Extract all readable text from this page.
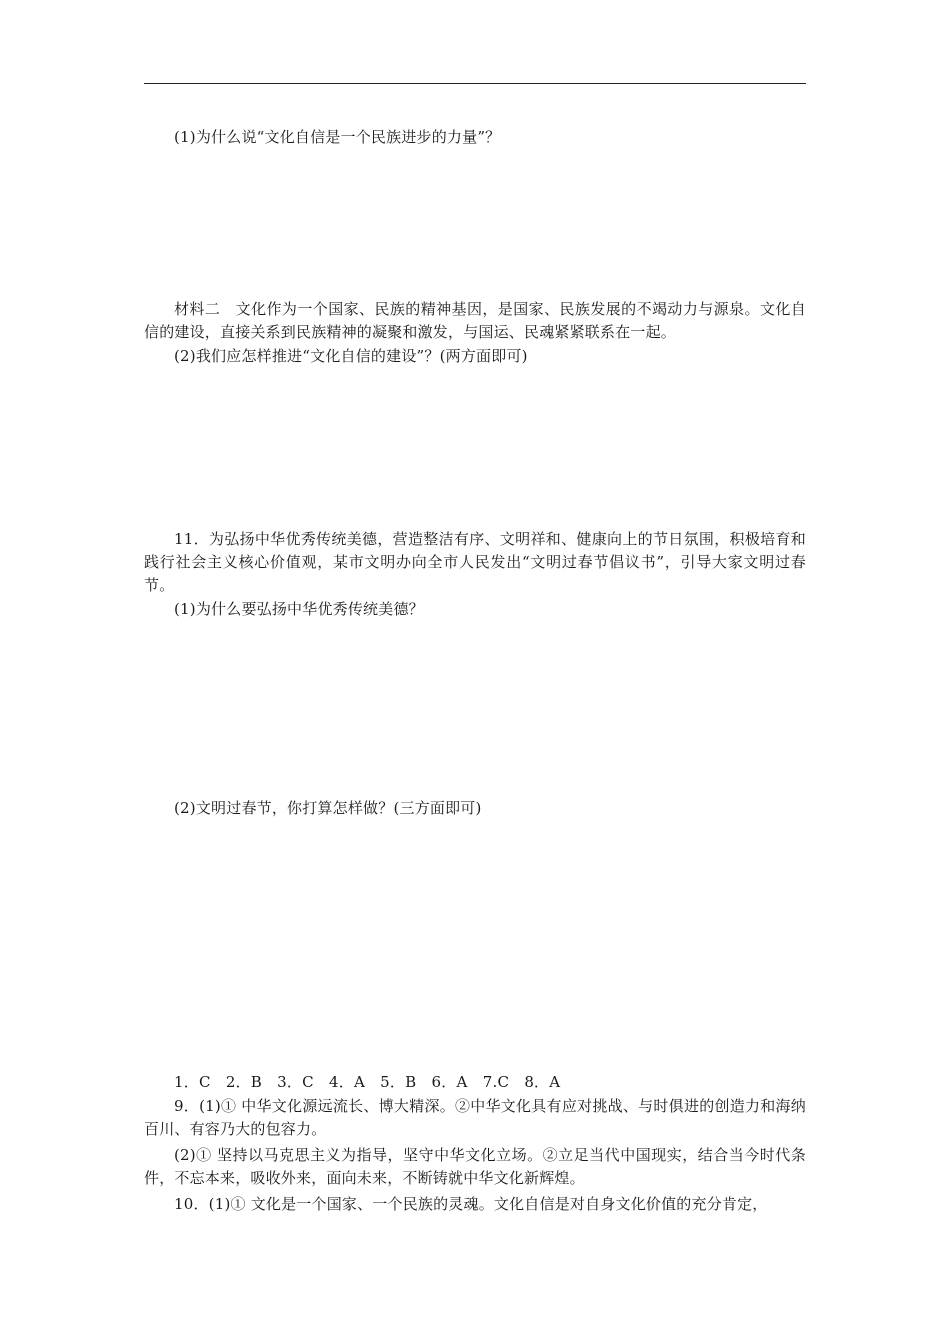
(1)为什么说“文化自信是一个民族进步的力量”？

材料二　文化作为一个国家、民族的精神基因，是国家、民族发展的不竭动力与源泉。文化自信的建设，直接关系到民族精神的凝聚和激发，与国运、民魂紧紧联系在一起。

(2)我们应怎样推进“文化自信的建设”？(两方面即可)

11．为弘扬中华优秀传统美德，营造整洁有序、文明祥和、健康向上的节日氛围，积极培育和践行社会主义核心价值观，某市文明办向全市人民发出“文明过春节倡议书”，引导大家文明过春节。

(1)为什么要弘扬中华优秀传统美德？

(2)文明过春节，你打算怎样做？(三方面即可)

1．C　2．B　3．C　4．A　5．B　6．A　7.C　8．A

9．(1)① 中华文化源远流长、博大精深。②中华文化具有应对挑战、与时俱进的创造力和海纳百川、有容乃大的包容力。

(2)① 坚持以马克思主义为指导，坚守中华文化立场。②立足当代中国现实，结合当今时代条件，不忘本来，吸收外来，面向未来，不断铸就中华文化新辉煌。

10．(1)① 文化是一个国家、一个民族的灵魂。文化自信是对自身文化价值的充分肯定，
